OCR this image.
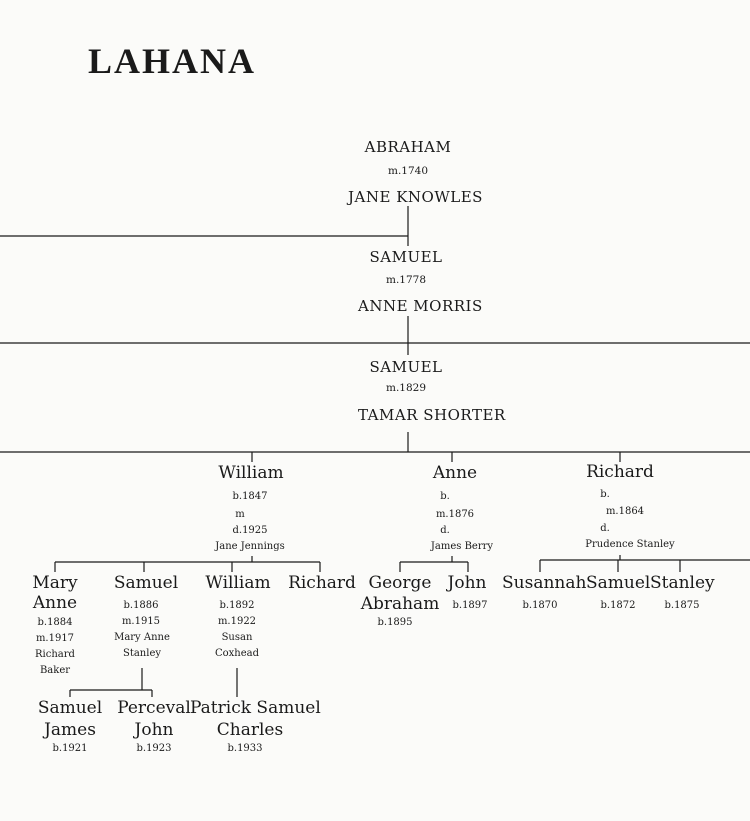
LAHANA
ABRAHAM
m.1740
JANE KNOWLES
SAMUEL
m.1778
ANNE MORRIS
SAMUEL
m.1829
TAMAR SHORTER
William
b.1847
m
d.1925
Jane Jennings
Anne
b.
m.1876
d.
James Berry
Richard
b.
m.1864
d.
Prudence Stanley
Mary
Anne
b.1884
m.1917
Richard
Baker
Samuel
b.1886
m.1915
Mary Anne
Stanley
William
b.1892
m.1922
Susan
Coxhead
Richard George
Abraham
b.1895
John
b.1897
Susannah
b.1870
Samuel
b.1872
Stanley
b.1875
Samuel
James
b.1921
Perceval
John
b.1923
Patrick Samuel
Charles
b.1933
